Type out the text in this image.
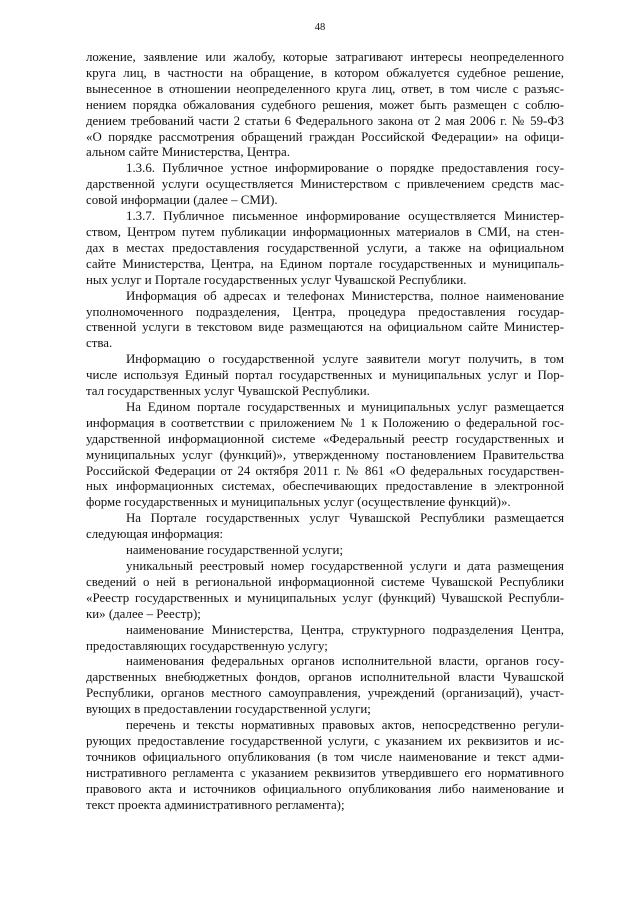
48
ложение, заявление или жалобу, которые затрагивают интересы неопределенного
круга лиц, в частности на обращение, в котором обжалуется судебное решение,
вынесенное в отношении неопределенного круга лиц, ответ, в том числе с разъяс-
нением порядка обжалования судебного решения, может быть размещен с соблю-
дением требований части 2 статьи 6 Федерального закона от 2 мая 2006 г. № 59-ФЗ
«О порядке рассмотрения обращений граждан Российской Федерации» на офици-
альном сайте Министерства, Центра.
1.3.6. Публичное устное информирование о порядке предоставления госу-
дарственной услуги осуществляется Министерством с привлечением средств мас-
совой информации (далее – СМИ).
1.3.7. Публичное письменное информирование осуществляется Министер-
ством, Центром путем публикации информационных материалов в СМИ, на стен-
дах в местах предоставления государственной услуги, а также на официальном
сайте Министерства, Центра, на Едином портале государственных и муниципаль-
ных услуг и Портале государственных услуг Чувашской Республики.
Информация об адресах и телефонах Министерства, полное наименование
уполномоченного подразделения, Центра, процедура предоставления государ-
ственной услуги в текстовом виде размещаются на официальном сайте Министер-
ства.
Информацию о государственной услуге заявители могут получить, в том
числе используя Единый портал государственных и муниципальных услуг и Пор-
тал государственных услуг Чувашской Республики.
На Едином портале государственных и муниципальных услуг размещается
информация в соответствии с приложением № 1 к Положению о федеральной гос-
ударственной информационной системе «Федеральный реестр государственных и
муниципальных услуг (функций)», утвержденному постановлением Правительства
Российской Федерации от 24 октября 2011 г. № 861 «О федеральных государствен-
ных информационных системах, обеспечивающих предоставление в электронной
форме государственных и муниципальных услуг (осуществление функций)».
На Портале государственных услуг Чувашской Республики размещается
следующая информация:
наименование государственной услуги;
уникальный реестровый номер государственной услуги и дата размещения
сведений о ней в региональной информационной системе Чувашской Республики
«Реестр государственных и муниципальных услуг (функций) Чувашской Республи-
ки» (далее – Реестр);
наименование Министерства, Центра, структурного подразделения Центра,
предоставляющих государственную услугу;
наименования федеральных органов исполнительной власти, органов госу-
дарственных внебюджетных фондов, органов исполнительной власти Чувашской
Республики, органов местного самоуправления, учреждений (организаций), участ-
вующих в предоставлении государственной услуги;
перечень и тексты нормативных правовых актов, непосредственно регули-
рующих предоставление государственной услуги, с указанием их реквизитов и ис-
точников официального опубликования (в том числе наименование и текст адми-
нистративного регламента с указанием реквизитов утвердившего его нормативного
правового акта и источников официального опубликования либо наименование и
текст проекта административного регламента);
